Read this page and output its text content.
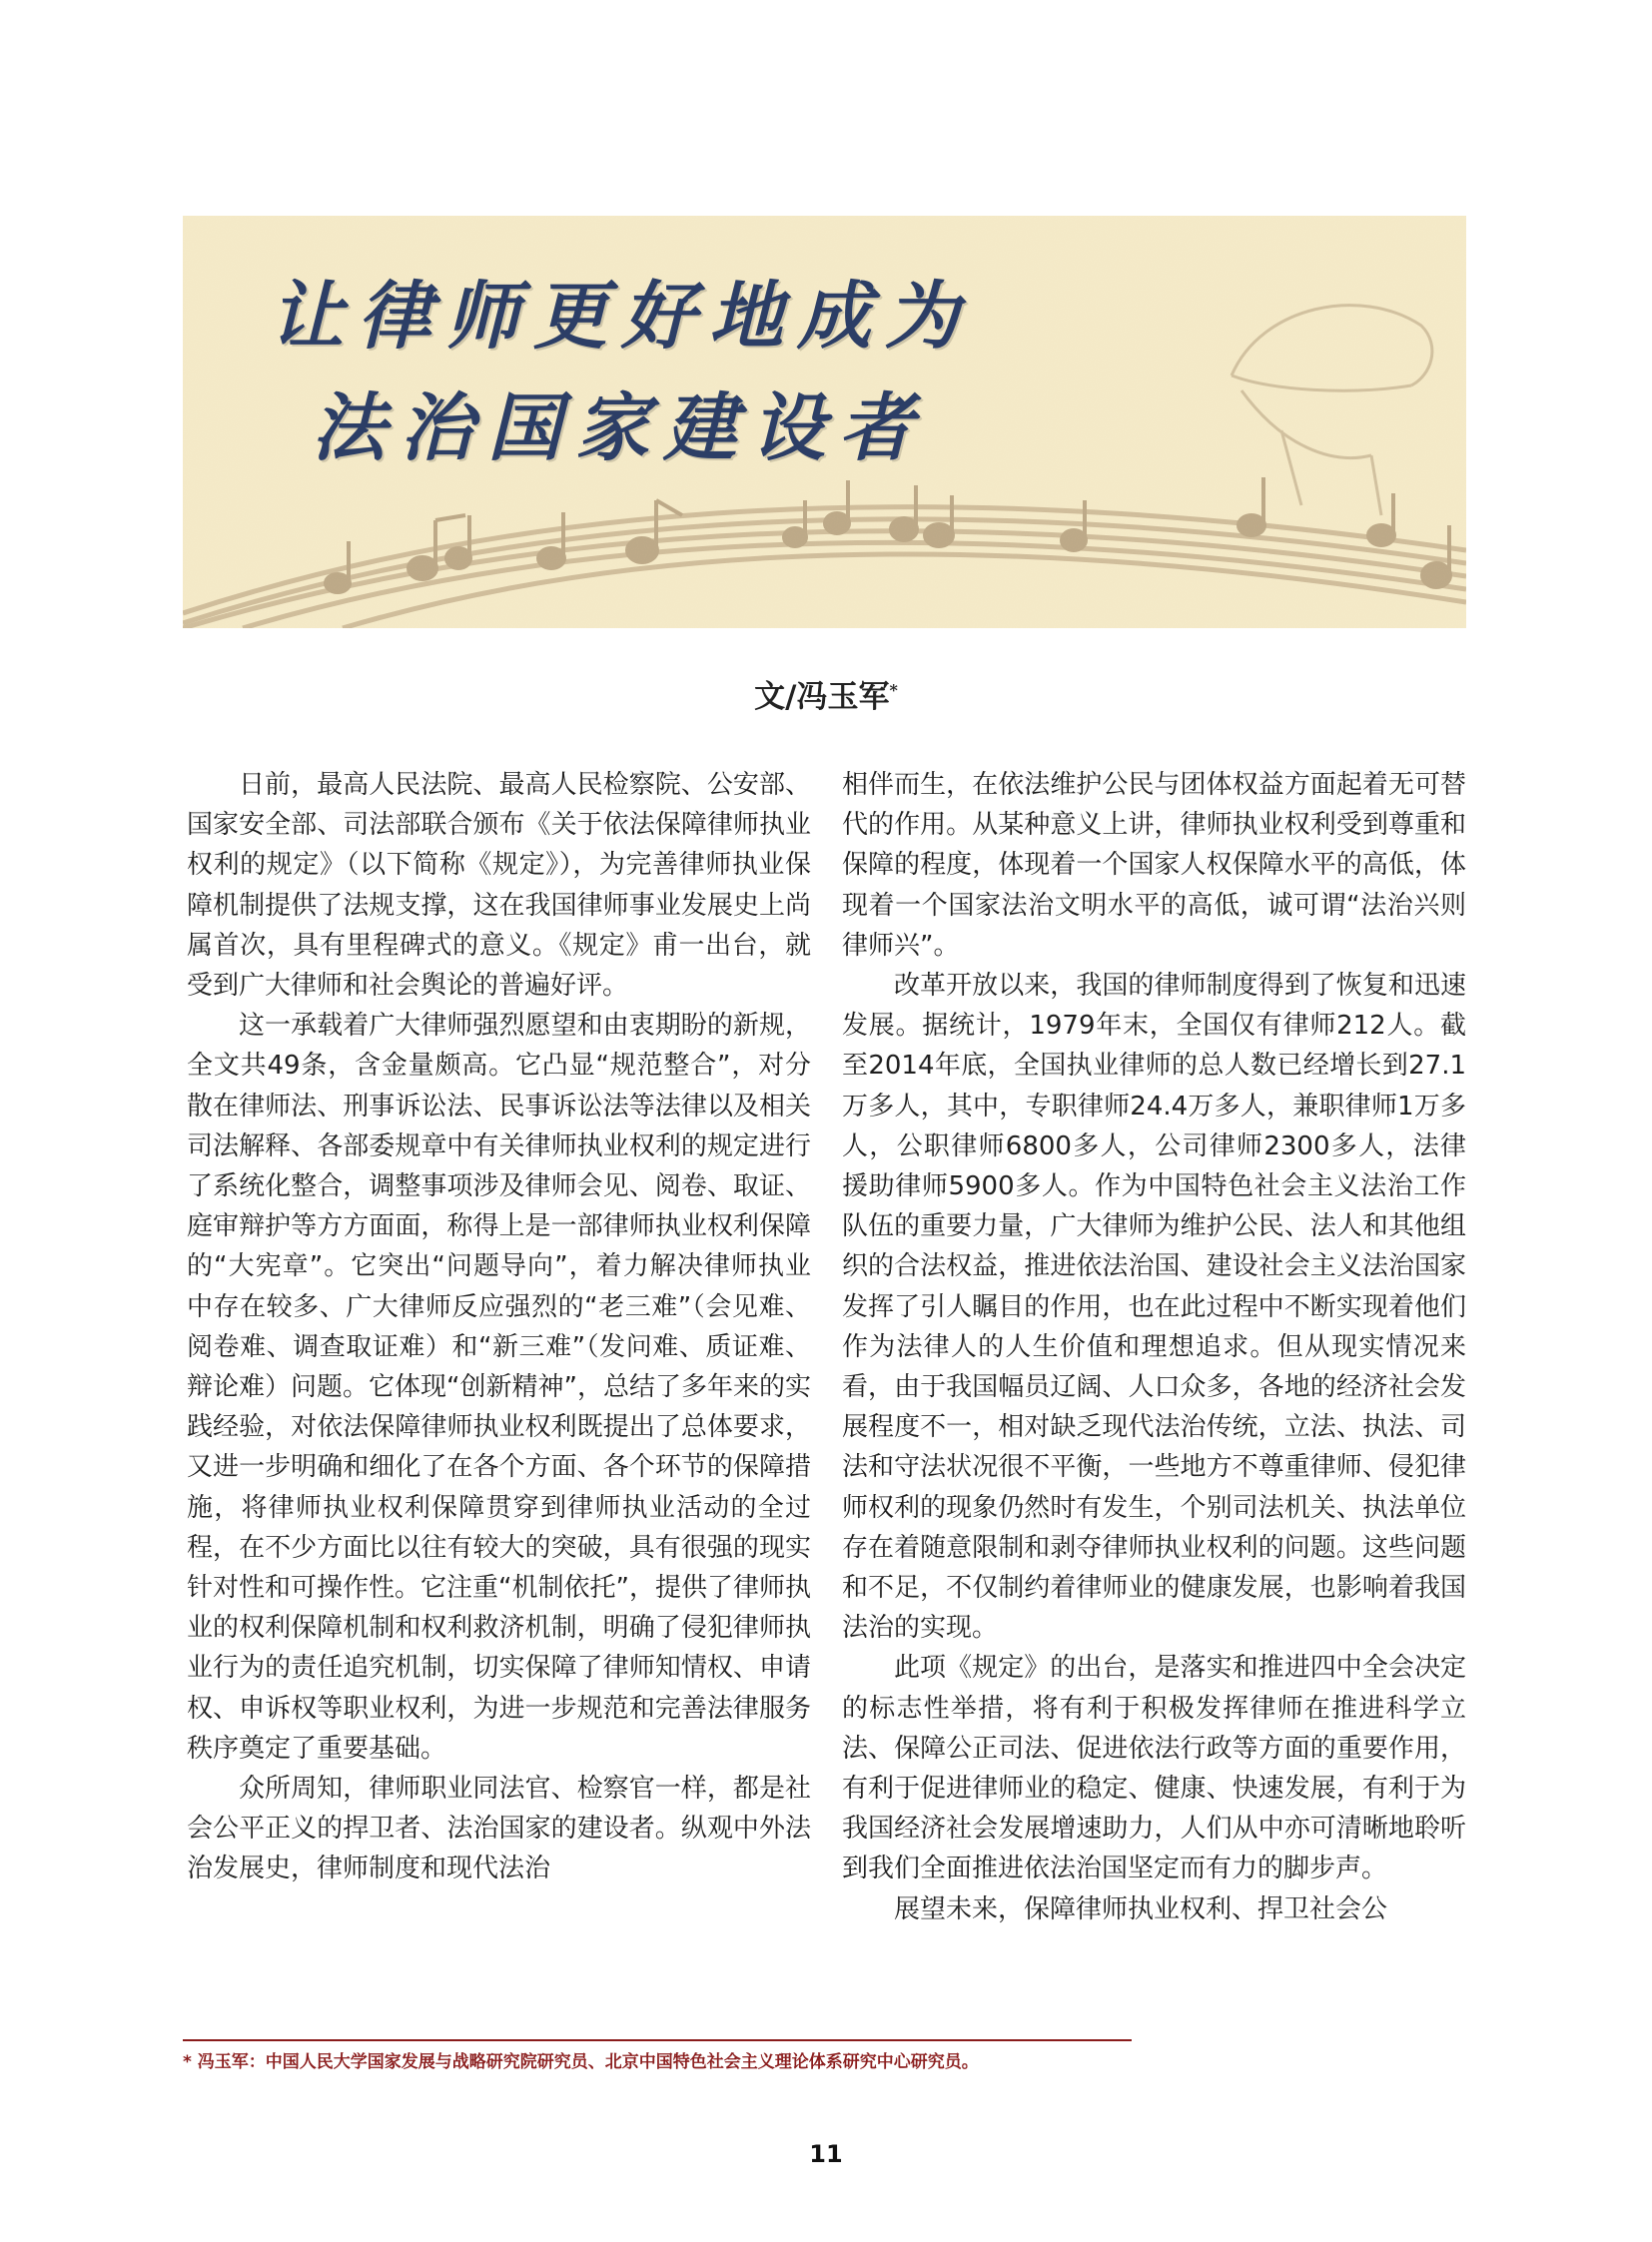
让律师更好地成为
法治国家建设者
文/冯玉军*

日前，最高人民法院、最高人民检察院、公安部、国家安全部、司法部联合颁布《关于依法保障律师执业权利的规定》（以下简称《规定》），为完善律师执业保障机制提供了法规支撑，这在我国律师事业发展史上尚属首次，具有里程碑式的意义。《规定》甫一出台，就受到广大律师和社会舆论的普遍好评。

这一承载着广大律师强烈愿望和由衷期盼的新规，全文共49条，含金量颇高。它凸显“规范整合”，对分散在律师法、刑事诉讼法、民事诉讼法等法律以及相关司法解释、各部委规章中有关律师执业权利的规定进行了系统化整合，调整事项涉及律师会见、阅卷、取证、庭审辩护等方方面面，称得上是一部律师执业权利保障的“大宪章”。它突出“问题导向”，着力解决律师执业中存在较多、广大律师反应强烈的“老三难”（会见难、阅卷难、调查取证难）和“新三难”（发问难、质证难、辩论难）问题。它体现“创新精神”，总结了多年来的实践经验，对依法保障律师执业权利既提出了总体要求，又进一步明确和细化了在各个方面、各个环节的保障措施，将律师执业权利保障贯穿到律师执业活动的全过程，在不少方面比以往有较大的突破，具有很强的现实针对性和可操作性。它注重“机制依托”，提供了律师执业的权利保障机制和权利救济机制，明确了侵犯律师执业行为的责任追究机制，切实保障了律师知情权、申请权、申诉权等职业权利，为进一步规范和完善法律服务秩序奠定了重要基础。

众所周知，律师职业同法官、检察官一样，都是社会公平正义的捍卫者、法治国家的建设者。纵观中外法治发展史，律师制度和现代法治

相伴而生，在依法维护公民与团体权益方面起着无可替代的作用。从某种意义上讲，律师执业权利受到尊重和保障的程度，体现着一个国家人权保障水平的高低，体现着一个国家法治文明水平的高低，诚可谓“法治兴则律师兴”。

改革开放以来，我国的律师制度得到了恢复和迅速发展。据统计，1979年末，全国仅有律师212人。截至2014年底，全国执业律师的总人数已经增长到27.1万多人，其中，专职律师24.4万多人，兼职律师1万多人，公职律师6800多人，公司律师2300多人，法律援助律师5900多人。作为中国特色社会主义法治工作队伍的重要力量，广大律师为维护公民、法人和其他组织的合法权益，推进依法治国、建设社会主义法治国家发挥了引人瞩目的作用，也在此过程中不断实现着他们作为法律人的人生价值和理想追求。但从现实情况来看，由于我国幅员辽阔、人口众多，各地的经济社会发展程度不一，相对缺乏现代法治传统，立法、执法、司法和守法状况很不平衡，一些地方不尊重律师、侵犯律师权利的现象仍然时有发生，个别司法机关、执法单位存在着随意限制和剥夺律师执业权利的问题。这些问题和不足，不仅制约着律师业的健康发展，也影响着我国法治的实现。

此项《规定》的出台，是落实和推进四中全会决定的标志性举措，将有利于积极发挥律师在推进科学立法、保障公正司法、促进依法行政等方面的重要作用，有利于促进律师业的稳定、健康、快速发展，有利于为我国经济社会发展增速助力，人们从中亦可清晰地聆听到我们全面推进依法治国坚定而有力的脚步声。

展望未来，保障律师执业权利、捍卫社会公

* 冯玉军：中国人民大学国家发展与战略研究院研究员、北京中国特色社会主义理论体系研究中心研究员。
11
